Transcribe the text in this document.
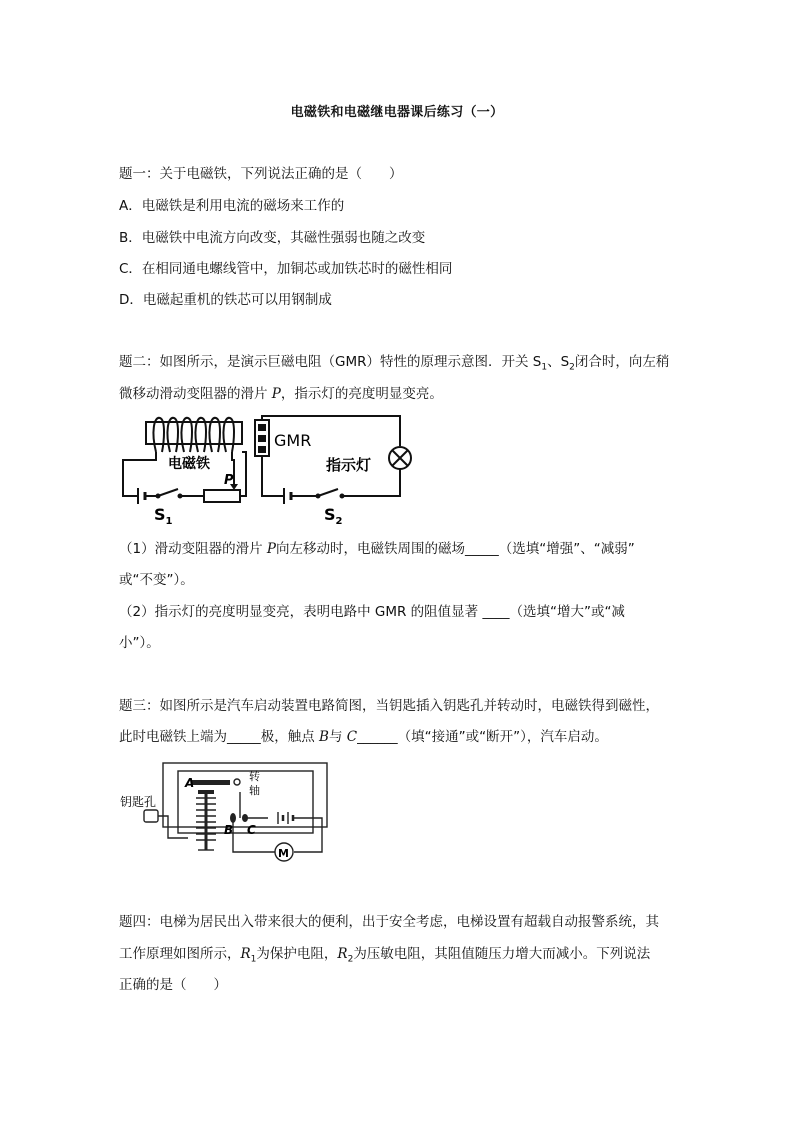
电磁铁和电磁继电器课后练习（一）
题一：关于电磁铁，下列说法正确的是（　　）
A．电磁铁是利用电流的磁场来工作的
B．电磁铁中电流方向改变，其磁性强弱也随之改变
C．在相同通电螺线管中，加铜芯或加铁芯时的磁性相同
D．电磁起重机的铁芯可以用钢制成
题二：如图所示，是演示巨磁电阻（GMR）特性的原理示意图．开关 $S_1$、$S_2$闭合时，向左稍
微移动滑动变阻器的滑片 P，指示灯的亮度明显变亮。
电磁铁
GMR
指示灯
P
$S_1$	$S_2$
（1）滑动变阻器的滑片 P向左移动时，电磁铁周围的磁场_____（选填“增强”、“减弱”
或“不变”）。
（2）指示灯的亮度明显变亮，表明电路中 GMR 的阻值显著 ____（选填“增大”或“减
小”）。
题三：如图所示是汽车启动装置电路简图，当钥匙插入钥匙孔并转动时，电磁铁得到磁性，
此时电磁铁上端为_____极，触点 B与 C______（填“接通”或“断开”），汽车启动。
钥匙孔
转
轴
A
B C
M
题四：电梯为居民出入带来很大的便利，出于安全考虑，电梯设置有超载自动报警系统，其
工作原理如图所示，$R_1$为保护电阻，$R_2$为压敏电阻，其阻值随压力增大而减小。下列说法
正确的是（　　）
